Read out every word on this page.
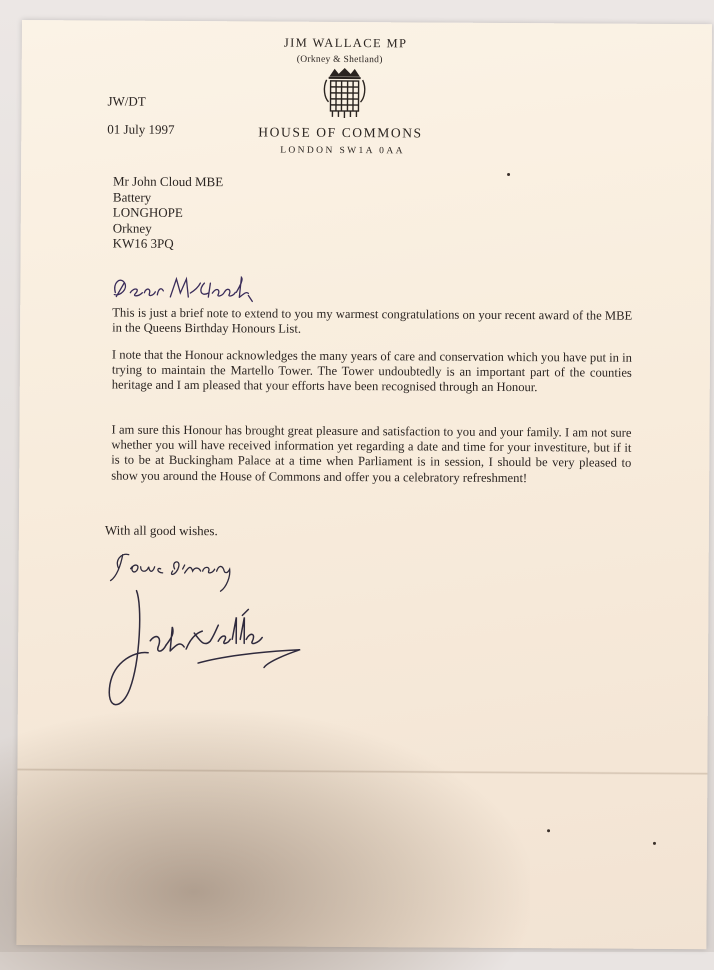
JIM WALLACE MP
(Orkney & Shetland)
HOUSE OF COMMONS
LONDON SW1A 0AA
JW/DT
01 July 1997
Mr John Cloud MBE
Battery
LONGHOPE
Orkney
KW16 3PQ

This is just a brief note to extend to you my warmest congratulations on your recent award of the MBE in the Queens Birthday Honours List.

I note that the Honour acknowledges the many years of care and conservation which you have put in in trying to maintain the Martello Tower. The Tower undoubtedly is an important part of the counties heritage and I am pleased that your efforts have been recognised through an Honour.

I am sure this Honour has brought great pleasure and satisfaction to you and your family. I am not sure whether you will have received information yet regarding a date and time for your investiture, but if it is to be at Buckingham Palace at a time when Parliament is in session, I should be very pleased to show you around the House of Commons and offer you a celebratory refreshment!

With all good wishes.
